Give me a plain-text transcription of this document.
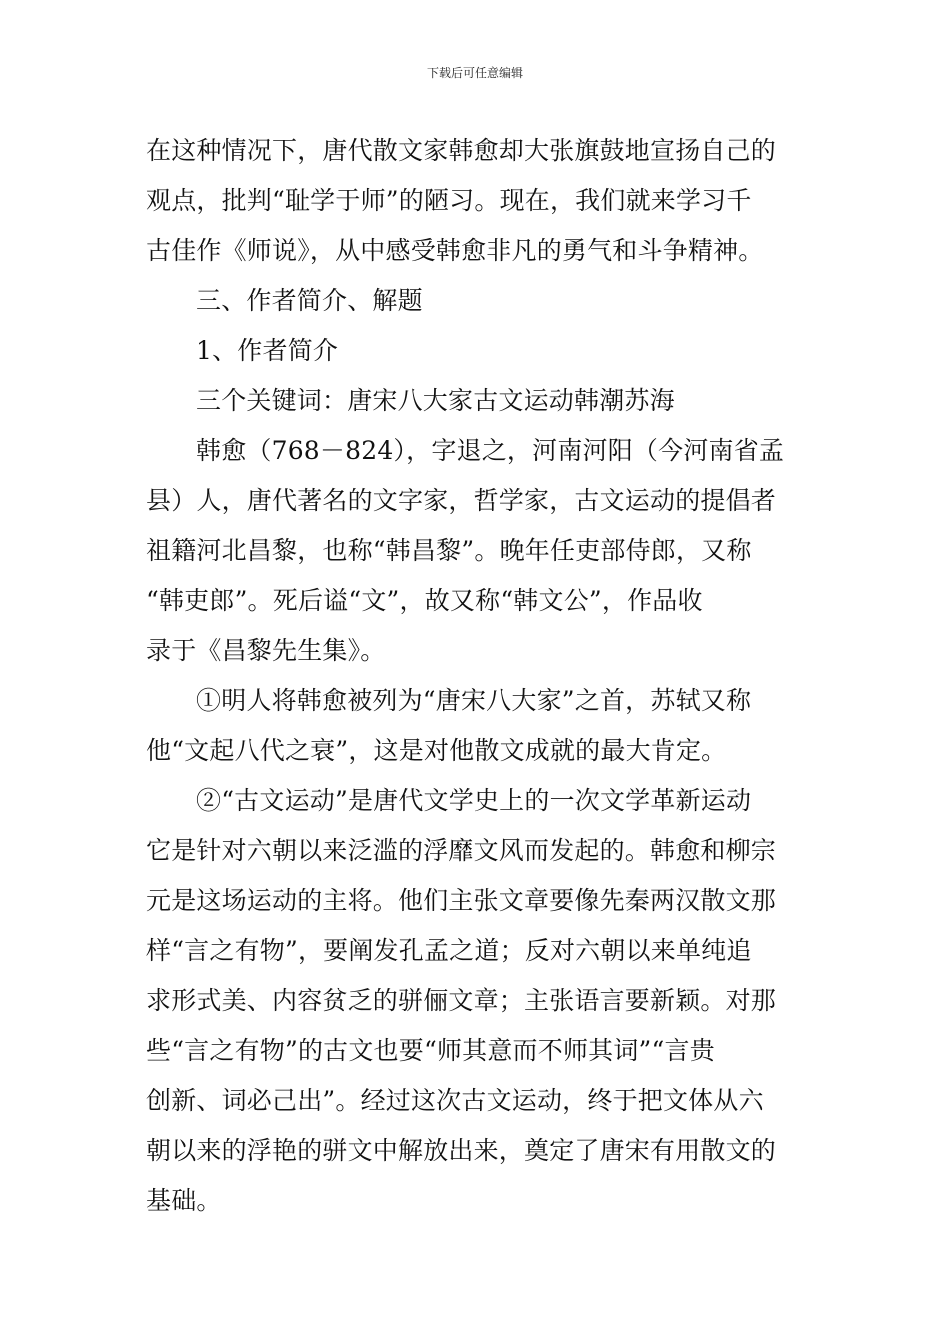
下载后可任意编辑

在这种情况下，唐代散文家韩愈却大张旗鼓地宣扬自己的
观点，批判“耻学于师”的陋习。现在，我们就来学习千
古佳作《师说》，从中感受韩愈非凡的勇气和斗争精神。

三、作者简介、解题

1、作者简介

三个关键词：唐宋八大家古文运动韩潮苏海

韩愈（768－824），字退之，河南河阳（今河南省孟
县）人，唐代著名的文字家，哲学家，古文运动的提倡者
祖籍河北昌黎，也称“韩昌黎”。晚年任吏部侍郎，又称
“韩吏郎”。死后谥“文”，故又称“韩文公”，作品收
录于《昌黎先生集》。

①明人将韩愈被列为“唐宋八大家”之首，苏轼又称
他“文起八代之衰”，这是对他散文成就的最大肯定。

②“古文运动”是唐代文学史上的一次文学革新运动
它是针对六朝以来泛滥的浮靡文风而发起的。韩愈和柳宗
元是这场运动的主将。他们主张文章要像先秦两汉散文那
样“言之有物”，要阐发孔孟之道；反对六朝以来单纯追
求形式美、内容贫乏的骈俪文章；主张语言要新颖。对那
些“言之有物”的古文也要“师其意而不师其词”“言贵
创新、词必己出”。经过这次古文运动，终于把文体从六
朝以来的浮艳的骈文中解放出来，奠定了唐宋有用散文的
基础。
